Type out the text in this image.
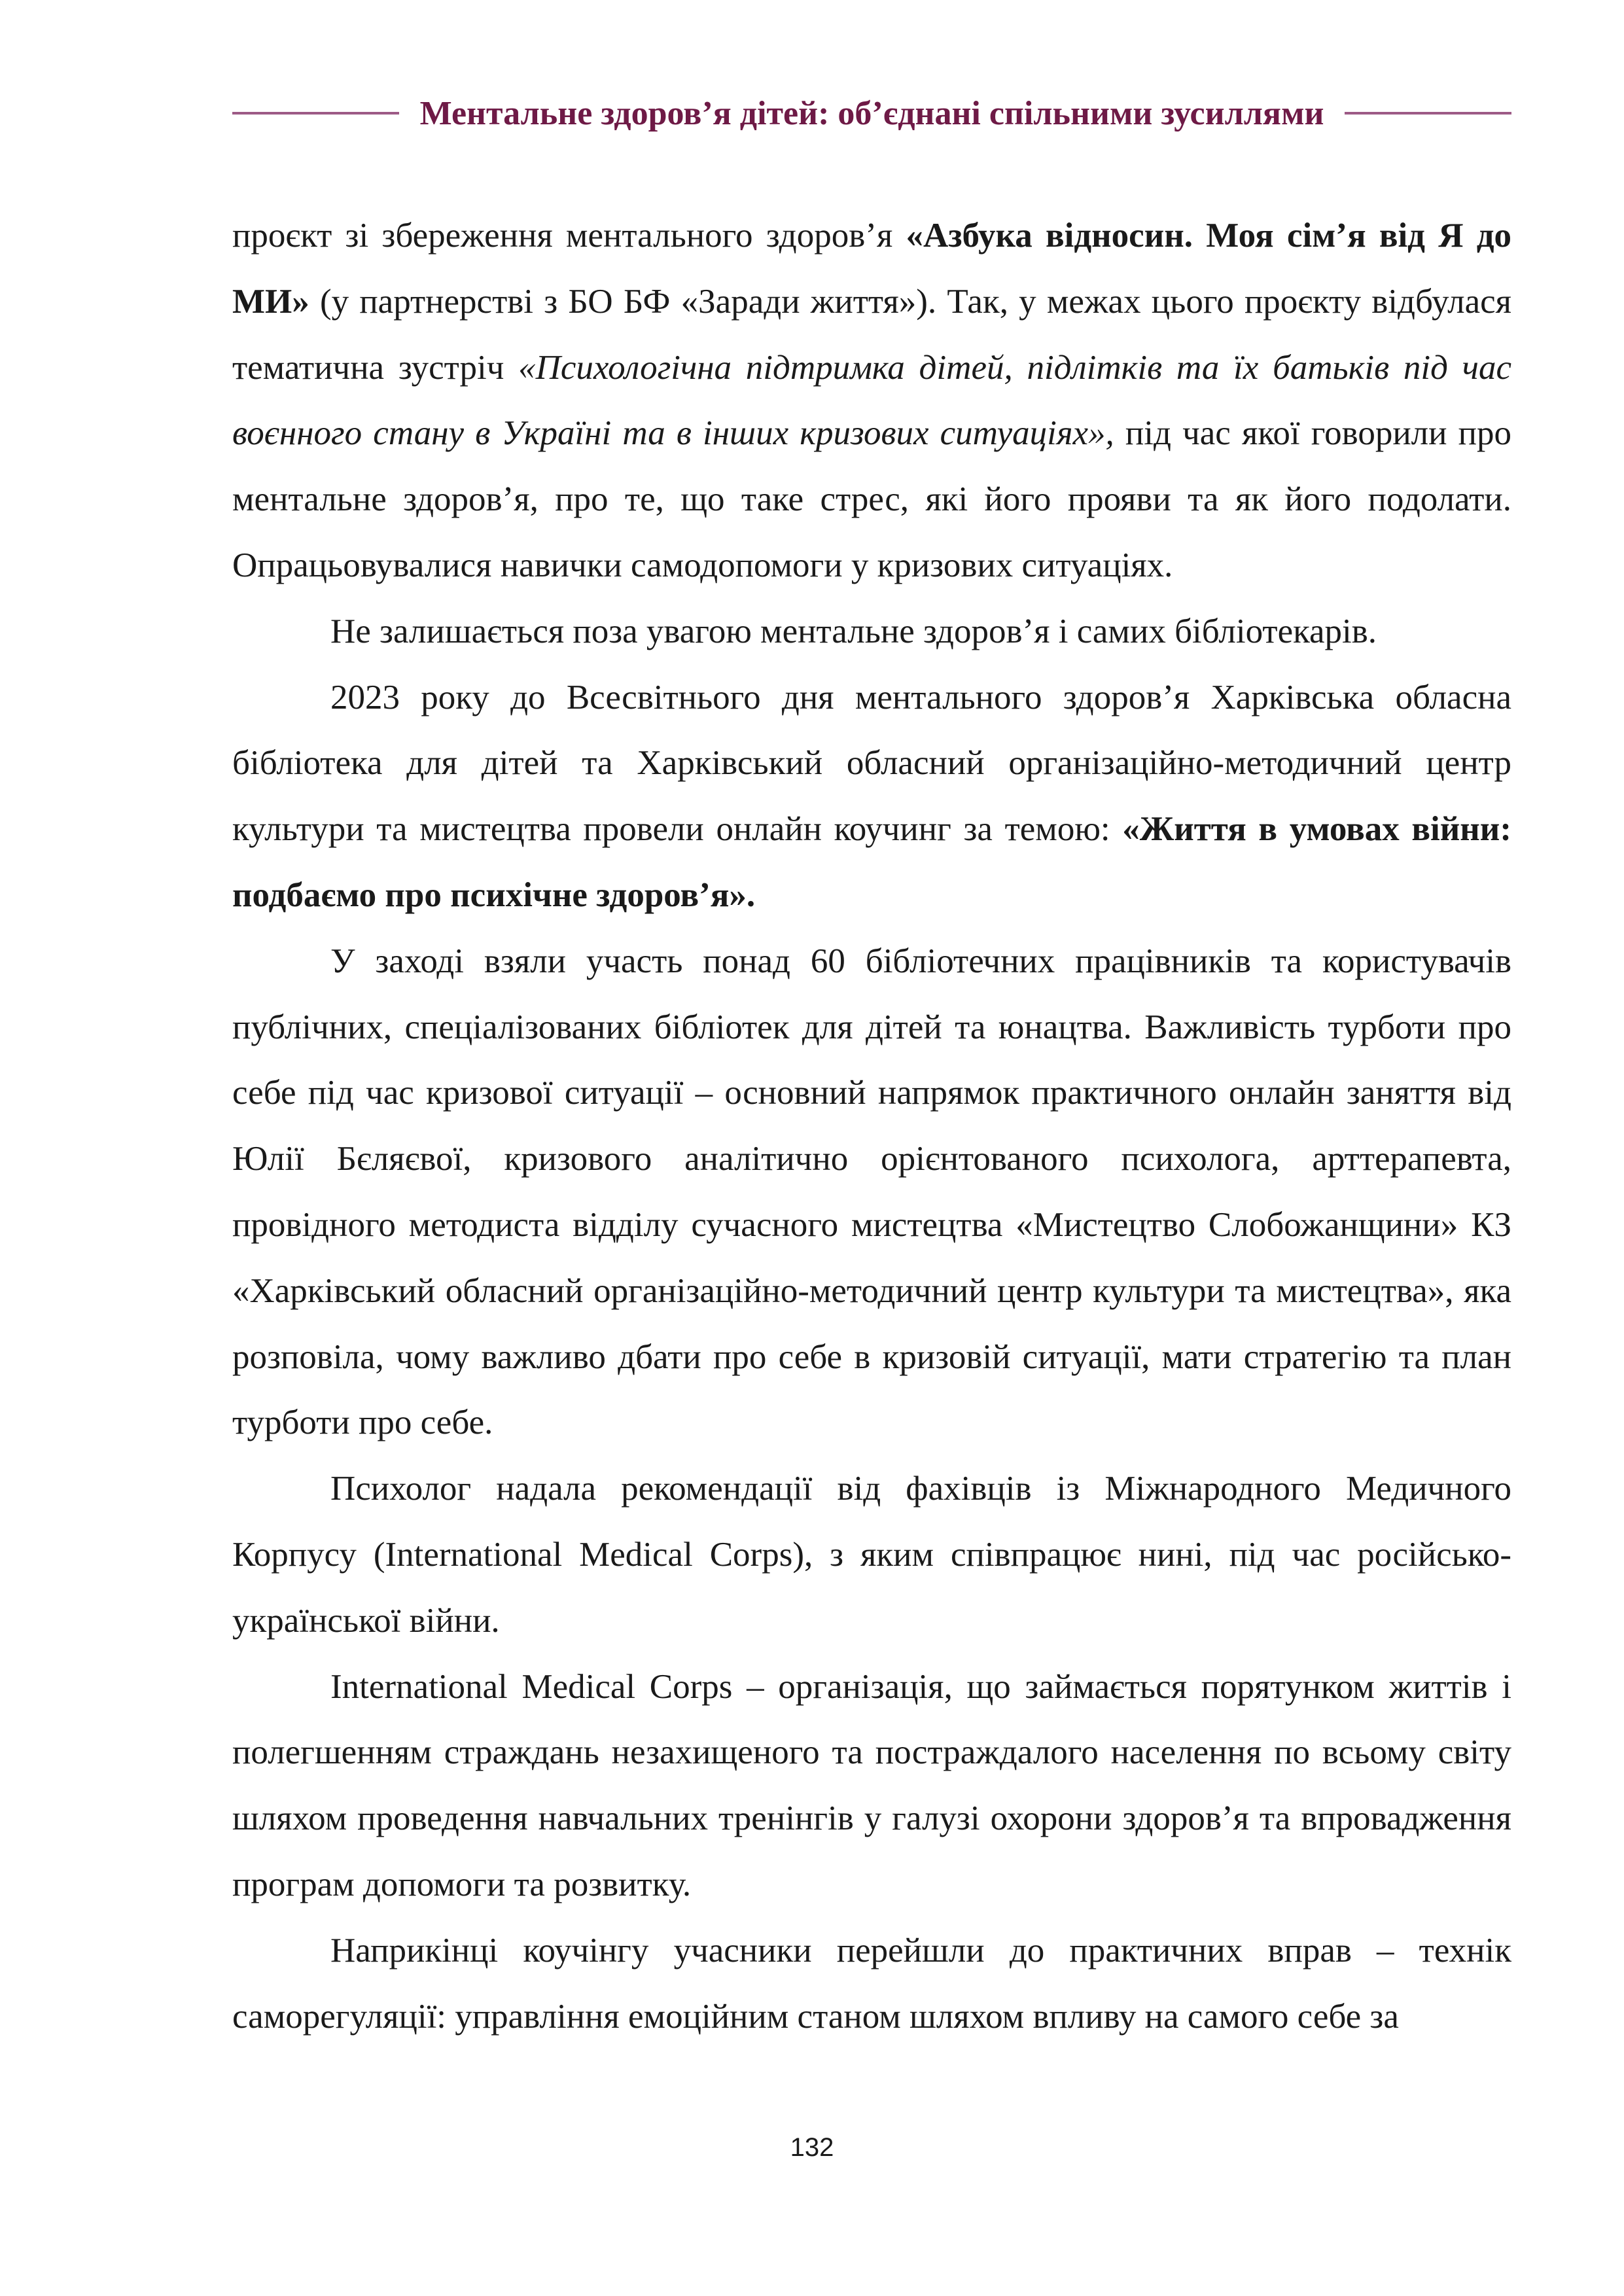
Ментальне здоров’я дітей: об’єднані спільними зусиллями

проєкт зі збереження ментального здоров’я «Азбука відносин. Моя сім’я від Я до МИ» (у партнерстві з БО БФ «Заради життя»). Так, у межах цього проєкту відбулася тематична зустріч «Психологічна підтримка дітей, підлітків та їх батьків під час воєнного стану в Україні та в інших кризових ситуаціях», під час якої говорили про ментальне здоров’я, про те, що таке стрес, які його прояви та як його подолати. Опрацьовувалися навички самодопомоги у кризових ситуаціях.

Не залишається поза увагою ментальне здоров’я і самих бібліотекарів.

2023 року до Всесвітнього дня ментального здоров’я Харківська обласна бібліотека для дітей та Харківський обласний організаційно-методичний центр культури та мистецтва провели онлайн коучинг за темою: «Життя в умовах війни: подбаємо про психічне здоров’я».

У заході взяли участь понад 60 бібліотечних працівників та користувачів публічних, спеціалізованих бібліотек для дітей та юнацтва. Важливість турботи про себе під час кризової ситуації – основний напрямок практичного онлайн заняття від Юлії Бєляєвої, кризового аналітично орієнтованого психолога, арттерапевта, провідного методиста відділу сучасного мистецтва «Мистецтво Слобожанщини» КЗ «Харківський обласний організаційно-методичний центр культури та мистецтва», яка розповіла, чому важливо дбати про себе в кризовій ситуації, мати стратегію та план турботи про себе.

Психолог надала рекомендації від фахівців із Міжнародного Медичного Корпусу (International Medical Corps), з яким співпрацює нині, під час російсько-української війни.

International Medical Corps – організація, що займається порятунком життів і полегшенням страждань незахищеного та постраждалого населення по всьому світу шляхом проведення навчальних тренінгів у галузі охорони здоров’я та впровадження програм допомоги та розвитку.

Наприкінці коучінгу учасники перейшли до практичних вправ – технік саморегуляції: управління емоційним станом шляхом впливу на самого себе за

132
